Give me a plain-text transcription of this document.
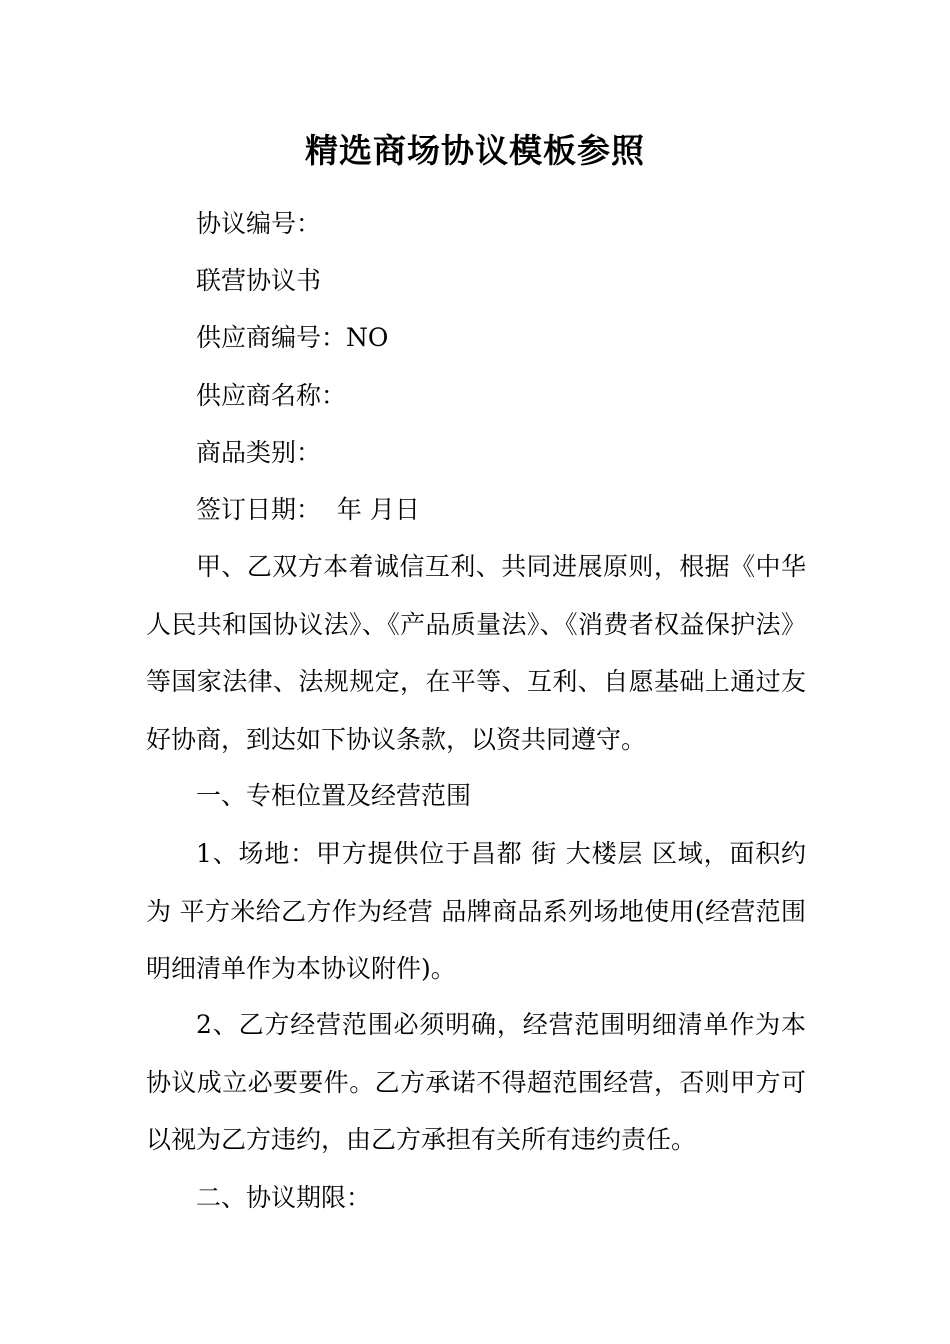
精选商场协议模板参照
协议编号：
联营协议书
供应商编号：NO
供应商名称：
商品类别：
签订日期：  年 月日

甲、乙双方本着诚信互利、共同进展原则，根据《中华人民共和国协议法》、《产品质量法》、《消费者权益保护法》等国家法律、法规规定，在平等、互利、自愿基础上通过友好协商，到达如下协议条款，以资共同遵守。

一、专柜位置及经营范围

1、场地：甲方提供位于昌都 街 大楼层 区域，面积约为 平方米给乙方作为经营 品牌商品系列场地使用(经营范围明细清单作为本协议附件)。

2、乙方经营范围必须明确，经营范围明细清单作为本协议成立必要要件。乙方承诺不得超范围经营，否则甲方可以视为乙方违约，由乙方承担有关所有违约责任。

二、协议期限：
